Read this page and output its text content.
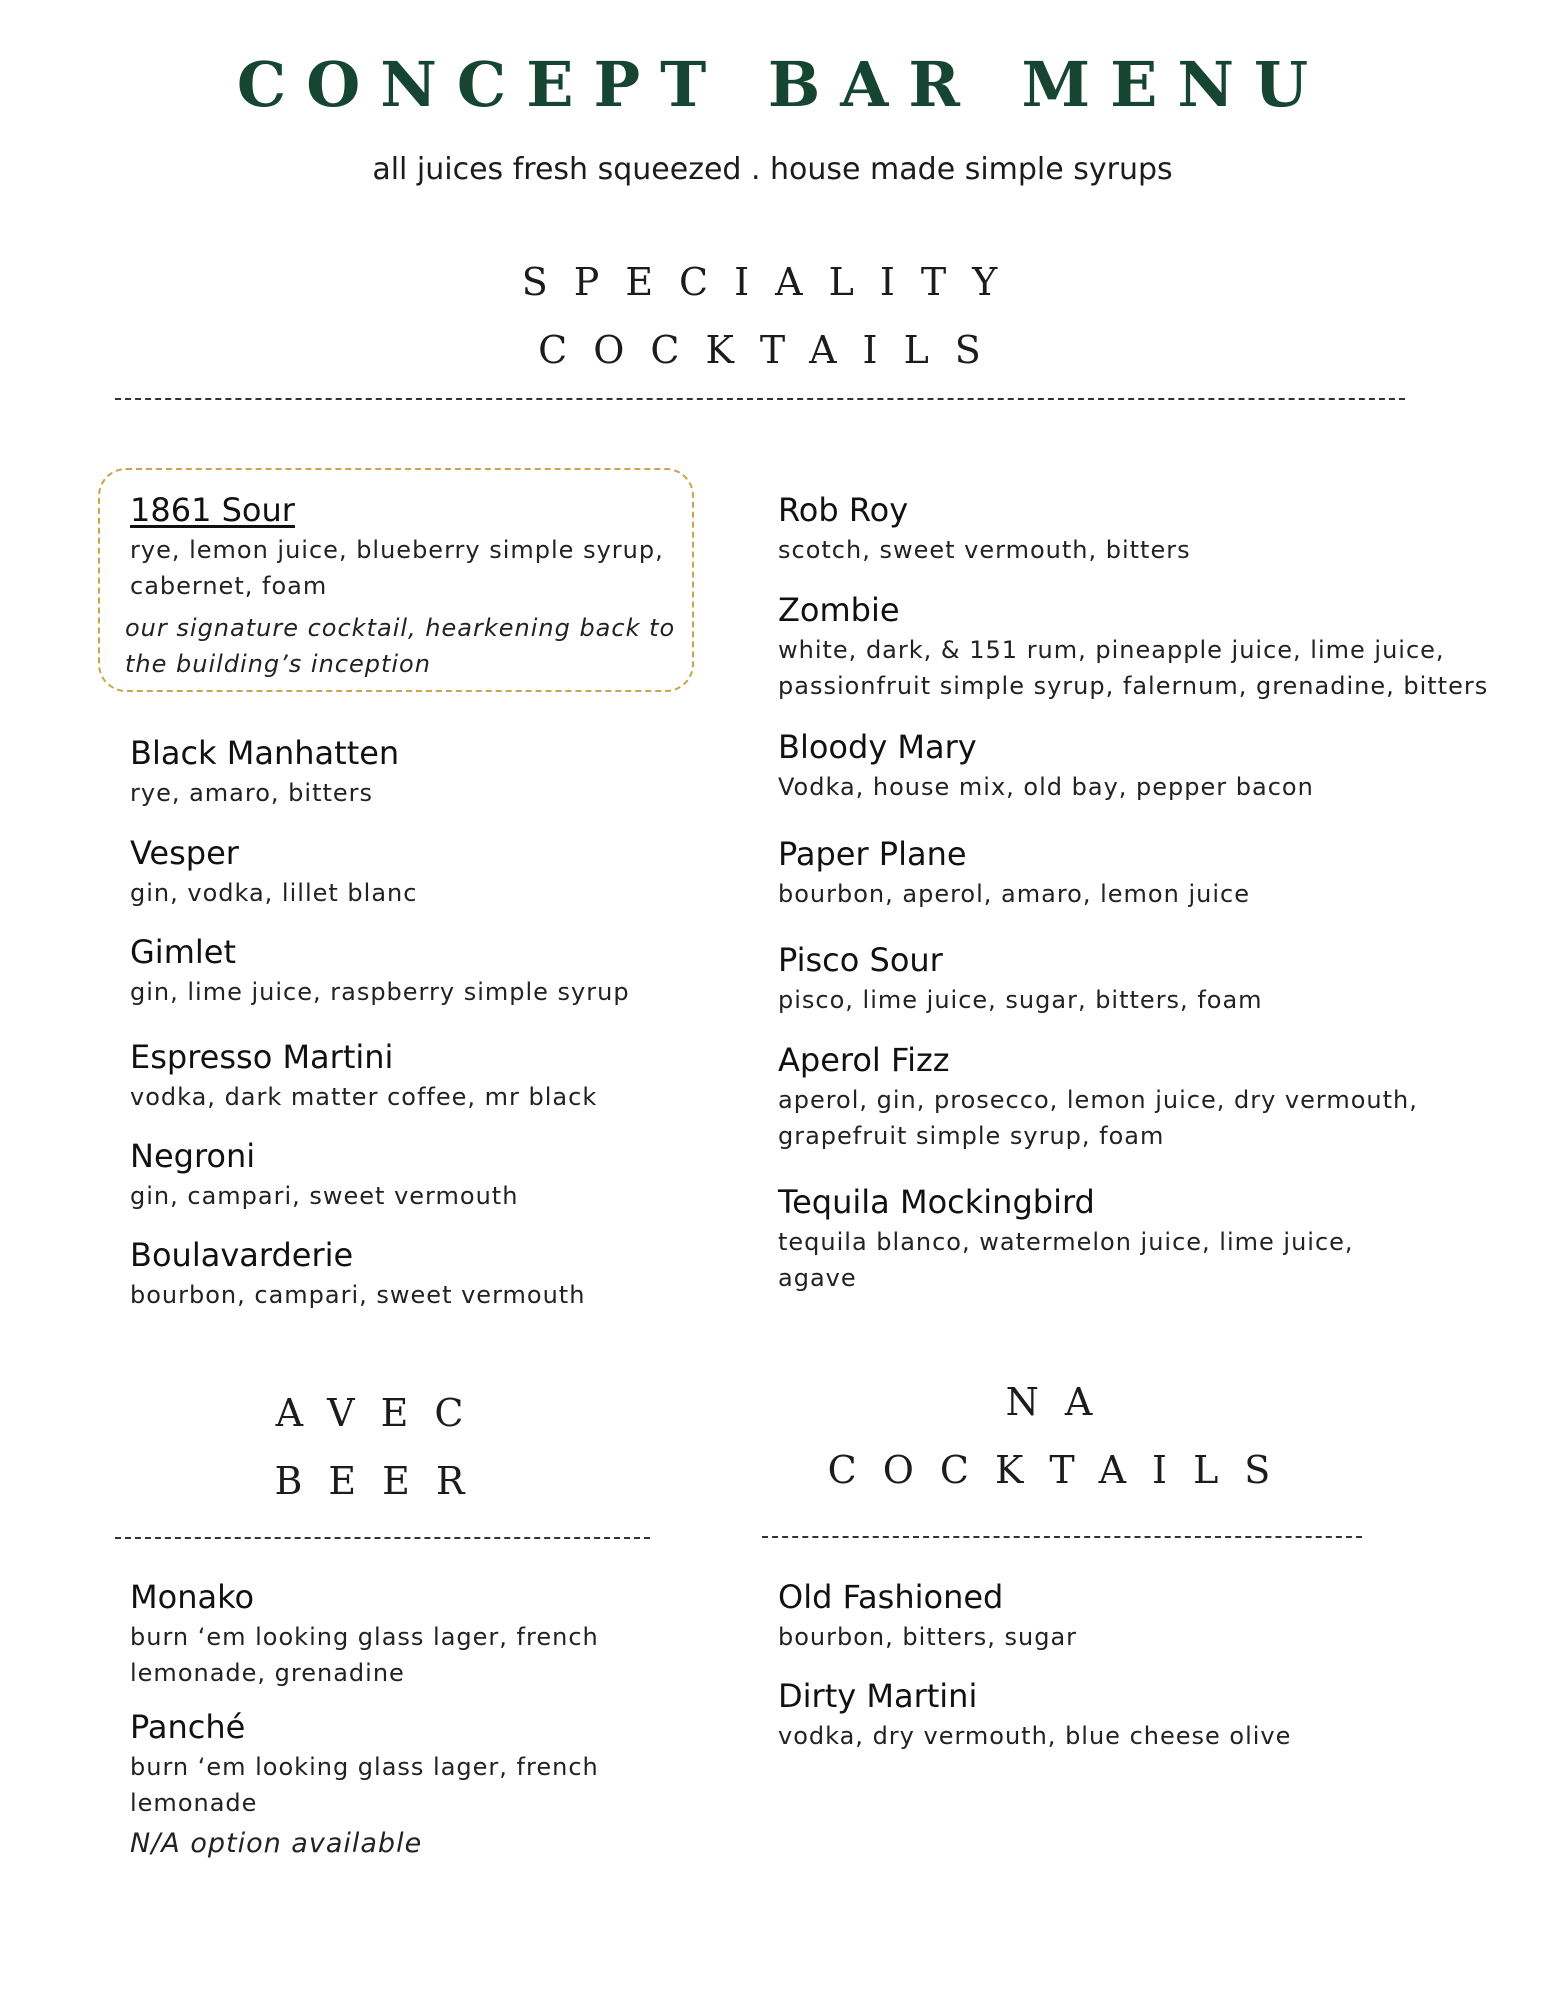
CONCEPT BAR MENU
all juices fresh squeezed . house made simple syrups
SPECIALITY
COCKTAILS
1861 Sour
rye, lemon juice, blueberry simple syrup, cabernet, foam
our signature cocktail, hearkening back to the building’s inception
Black Manhatten
rye, amaro, bitters
Vesper
gin, vodka, lillet blanc
Gimlet
gin, lime juice, raspberry simple syrup
Espresso Martini
vodka, dark matter coffee, mr black
Negroni
gin, campari, sweet vermouth
Boulavarderie
bourbon, campari, sweet vermouth
Rob Roy
scotch, sweet vermouth, bitters
Zombie
white, dark, & 151 rum, pineapple juice, lime juice, passionfruit simple syrup, falernum, grenadine, bitters
Bloody Mary
Vodka, house mix, old bay, pepper bacon
Paper Plane
bourbon, aperol, amaro, lemon juice
Pisco Sour
pisco, lime juice, sugar, bitters, foam
Aperol Fizz
aperol, gin, prosecco, lemon juice, dry vermouth, grapefruit simple syrup, foam
Tequila Mockingbird
tequila blanco, watermelon juice, lime juice, agave
AVEC
BEER
NA
COCKTAILS
Monako
burn ‘em looking glass lager, french lemonade, grenadine
Panché
burn ‘em looking glass lager, french lemonade
N/A option available
Old Fashioned
bourbon, bitters, sugar
Dirty Martini
vodka, dry vermouth, blue cheese olive
